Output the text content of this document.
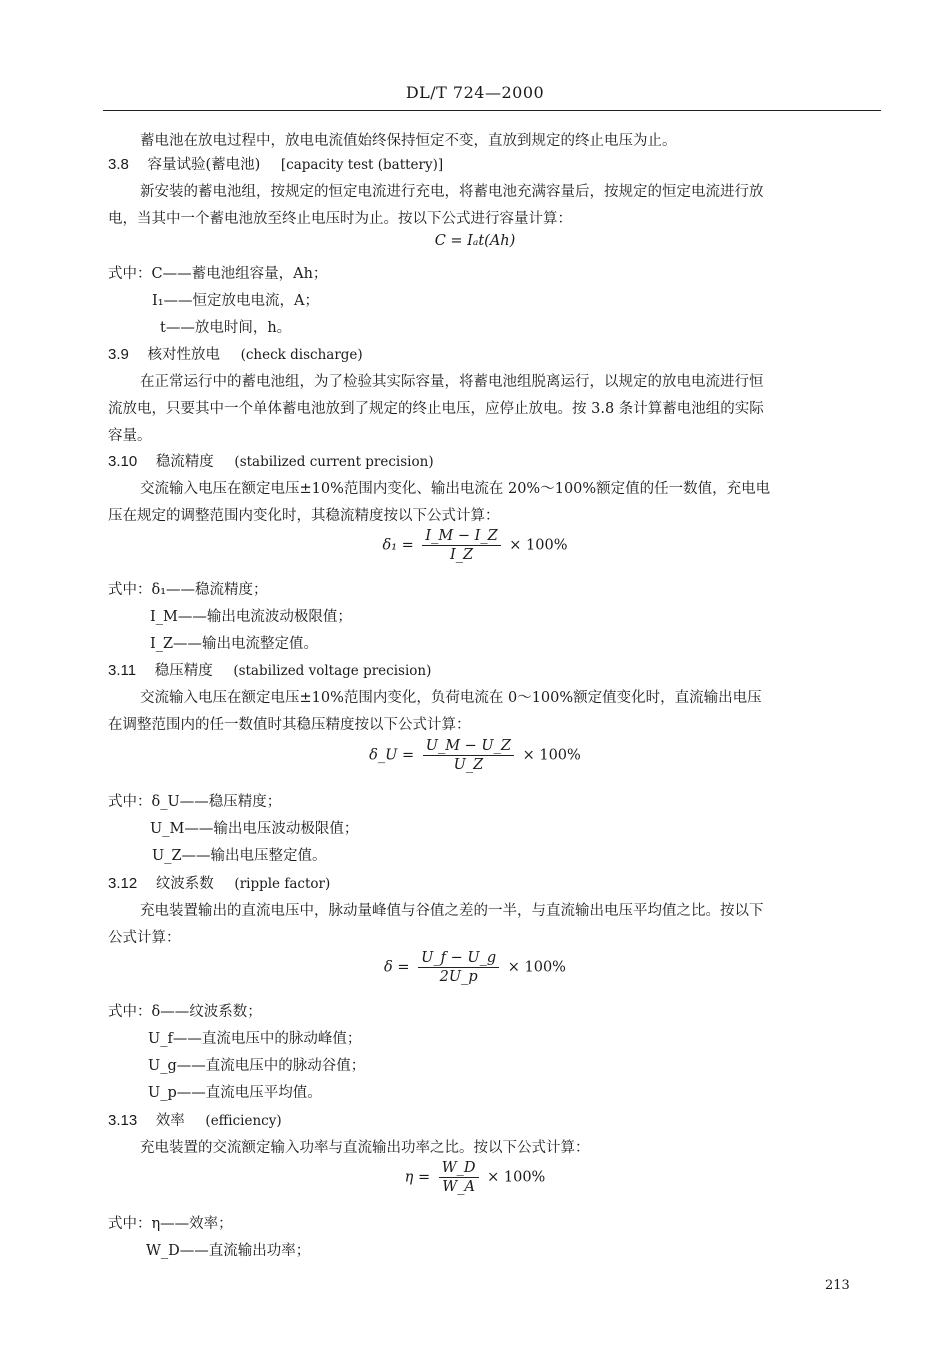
DL/T 724—2000
蓄电池在放电过程中，放电电流值始终保持恒定不变，直放到规定的终止电压为止。
3.8 容量试验(蓄电池) [capacity test (battery)]
新安装的蓄电池组，按规定的恒定电流进行充电，将蓄电池充满容量后，按规定的恒定电流进行放
电，当其中一个蓄电池放至终止电压时为止。按以下公式进行容量计算：
C = Iₐt(Ah)
式中：C——蓄电池组容量，Ah；
I₁——恒定放电电流，A；
t——放电时间，h。
3.9 核对性放电 (check discharge)
在正常运行中的蓄电池组，为了检验其实际容量，将蓄电池组脱离运行，以规定的放电电流进行恒
流放电，只要其中一个单体蓄电池放到了规定的终止电压，应停止放电。按 3.8 条计算蓄电池组的实际
容量。
3.10 稳流精度 (stabilized current precision)
交流输入电压在额定电压±10%范围内变化、输出电流在 20%～100%额定值的任一数值，充电电
压在规定的调整范围内变化时，其稳流精度按以下公式计算：
$\delta_1 = \frac{I\_M - I\_Z}{I\_Z} \times 100\%$
式中：δ₁——稳流精度；
I_M——输出电流波动极限值；
I_Z——输出电流整定值。
3.11 稳压精度 (stabilized voltage precision)
交流输入电压在额定电压±10%范围内变化，负荷电流在 0～100%额定值变化时，直流输出电压
在调整范围内的任一数值时其稳压精度按以下公式计算：
δ_U = $\frac{U\_M - U\_Z}{U\_Z} \times 100\%$
式中：δ_U——稳压精度；
U_M——输出电压波动极限值；
U_Z——输出电压整定值。
3.12 纹波系数 (ripple factor)
充电装置输出的直流电压中，脉动量峰值与谷值之差的一半，与直流输出电压平均值之比。按以下
公式计算：
$\delta = \frac{U\_f - U\_g}{2U\_p} \times 100\%$
式中：δ——纹波系数；
U_f——直流电压中的脉动峰值；
U_g——直流电压中的脉动谷值；
U_p——直流电压平均值。
3.13 效率 (efficiency)
充电装置的交流额定输入功率与直流输出功率之比。按以下公式计算：
$\eta = \frac{W\_D}{W\_A} \times 100\%$
式中：η——效率；
W_D——直流输出功率；
213
